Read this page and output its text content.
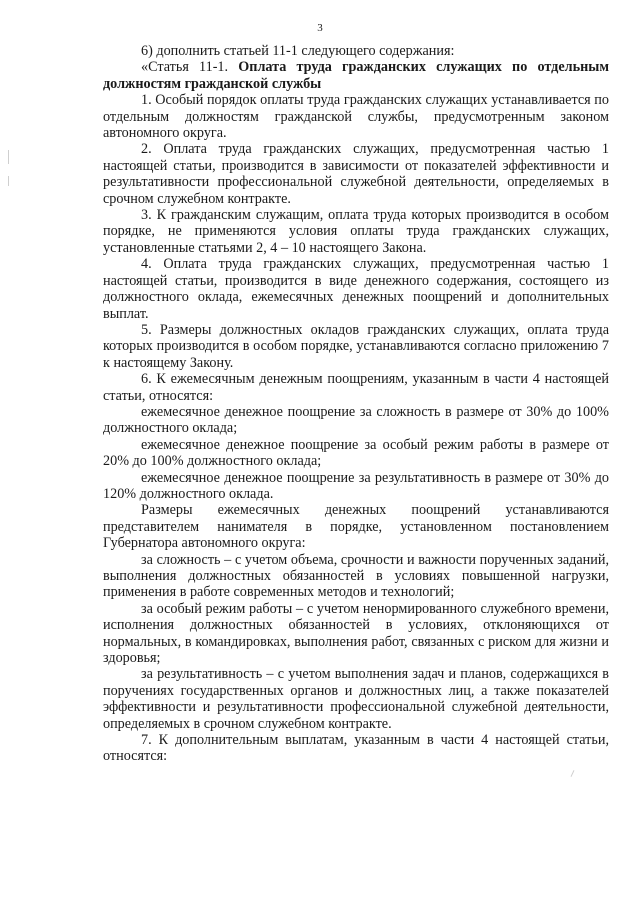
3

6) дополнить статьей 11-1 следующего содержания:

«Статья 11-1. Оплата труда гражданских служащих по отдельным должностям гражданской службы

1. Особый порядок оплаты труда гражданских служащих устанавливается по отдельным должностям гражданской службы, предусмотренным законом автономного округа.

2. Оплата труда гражданских служащих, предусмотренная частью 1 настоящей статьи, производится в зависимости от показателей эффективности и результативности профессиональной служебной деятельности, определяемых в срочном служебном контракте.

3. К гражданским служащим, оплата труда которых производится в особом порядке, не применяются условия оплаты труда гражданских служащих, установленные статьями 2, 4 – 10 настоящего Закона.

4. Оплата труда гражданских служащих, предусмотренная частью 1 настоящей статьи, производится в виде денежного содержания, состоящего из должностного оклада, ежемесячных денежных поощрений и дополнительных выплат.

5. Размеры должностных окладов гражданских служащих, оплата труда которых производится в особом порядке, устанавливаются согласно приложению 7 к настоящему Закону.

6. К ежемесячным денежным поощрениям, указанным в части 4 настоящей статьи, относятся:

ежемесячное денежное поощрение за сложность в размере от 30% до 100% должностного оклада;

ежемесячное денежное поощрение за особый режим работы в размере от 20% до 100% должностного оклада;

ежемесячное денежное поощрение за результативность в размере от 30% до 120% должностного оклада.

Размеры ежемесячных денежных поощрений устанавливаются представителем нанимателя в порядке, установленном постановлением Губернатора автономного округа:

за сложность – с учетом объема, срочности и важности порученных заданий, выполнения должностных обязанностей в условиях повышенной нагрузки, применения в работе современных методов и технологий;

за особый режим работы – с учетом ненормированного служебного времени, исполнения должностных обязанностей в условиях, отклоняющихся от нормальных, в командировках, выполнения работ, связанных с риском для жизни и здоровья;

за результативность – с учетом выполнения задач и планов, содержащихся в поручениях государственных органов и должностных лиц, а также показателей эффективности и результативности профессиональной служебной деятельности, определяемых в срочном служебном контракте.

7. К дополнительным выплатам, указанным в части 4 настоящей статьи, относятся:
